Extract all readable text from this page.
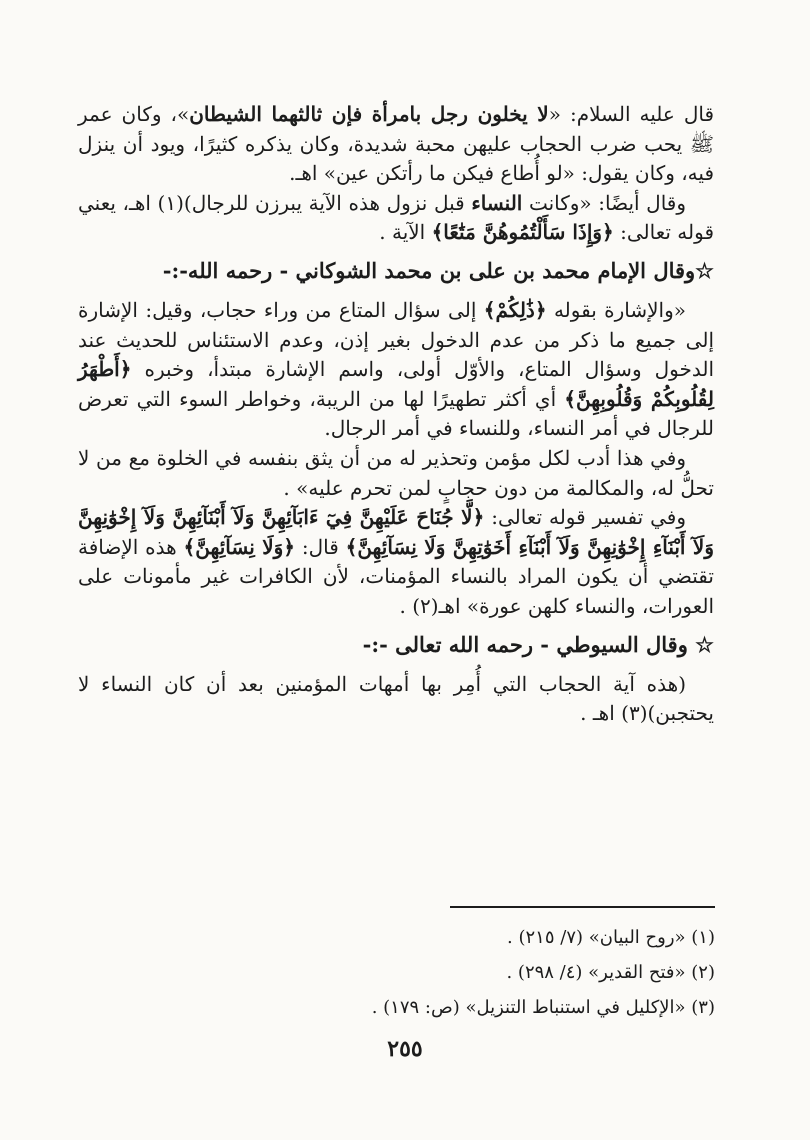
قال عليه السلام: «لا يخلون رجل بامرأة فإن ثالثهما الشيطان»، وكان عمر ﷺ يحب ضرب الحجاب عليهن محبة شديدة، وكان يذكره كثيرًا، ويود أن ينزل فيه، وكان يقول: «لو أُطاع فيكن ما رأتكن عين» اهـ.

وقال أيضًا: «وكانت النساء قبل نزول هذه الآية يبرزن للرجال)(١) اهـ، يعني قوله تعالى: ﴿وَإِذَا سَأَلْتُمُوهُنَّ مَتَٰعًا﴾ الآية .

☆وقال الإمام محمد بن على بن محمد الشوكاني - رحمه الله-:-

«والإشارة بقوله ﴿ذَٰلِكُمْ﴾ إلى سؤال المتاع من وراء حجاب، وقيل: الإشارة إلى جميع ما ذكر من عدم الدخول بغير إذن، وعدم الاستئناس للحديث عند الدخول وسؤال المتاع، والأوّل أولى، واسم الإشارة مبتدأ، وخبره ﴿أَطْهَرُ لِقُلُوبِكُمْ وَقُلُوبِهِنَّ﴾ أي أكثر تطهيرًا لها من الريبة، وخواطر السوء التي تعرض للرجال في أمر النساء، وللنساء في أمر الرجال.

وفي هذا أدب لكل مؤمن وتحذير له من أن يثق بنفسه في الخلوة مع من لا تحلُّ له، والمكالمة من دون حجابٍ لمن تحرم عليه» .

وفي تفسير قوله تعالى: ﴿لَّا جُنَاحَ عَلَيْهِنَّ فِيٓ ءَابَآئِهِنَّ وَلَآ أَبْنَآئِهِنَّ وَلَآ إِخْوَٰنِهِنَّ وَلَآ أَبْنَآءِ إِخْوَٰنِهِنَّ وَلَآ أَبْنَآءِ أَخَوَٰتِهِنَّ وَلَا نِسَآئِهِنَّ﴾ قال: ﴿وَلَا نِسَآئِهِنَّ﴾ هذه الإضافة تقتضي أن يكون المراد بالنساء المؤمنات، لأن الكافرات غير مأمونات على العورات، والنساء كلهن عورة» اهـ(٢) .

☆ وقال السيوطي - رحمه الله تعالى -:-

(هذه آية الحجاب التي أُمِر بها أمهات المؤمنين بعد أن كان النساء لا يحتجبن)(٣) اهـ .

(١) «روح البيان» (٧/ ٢١٥) .
(٢) «فتح القدير» (٤/ ٢٩٨) .
(٣) «الإكليل في استنباط التنزيل» (ص: ١٧٩) .
٢٥٥
